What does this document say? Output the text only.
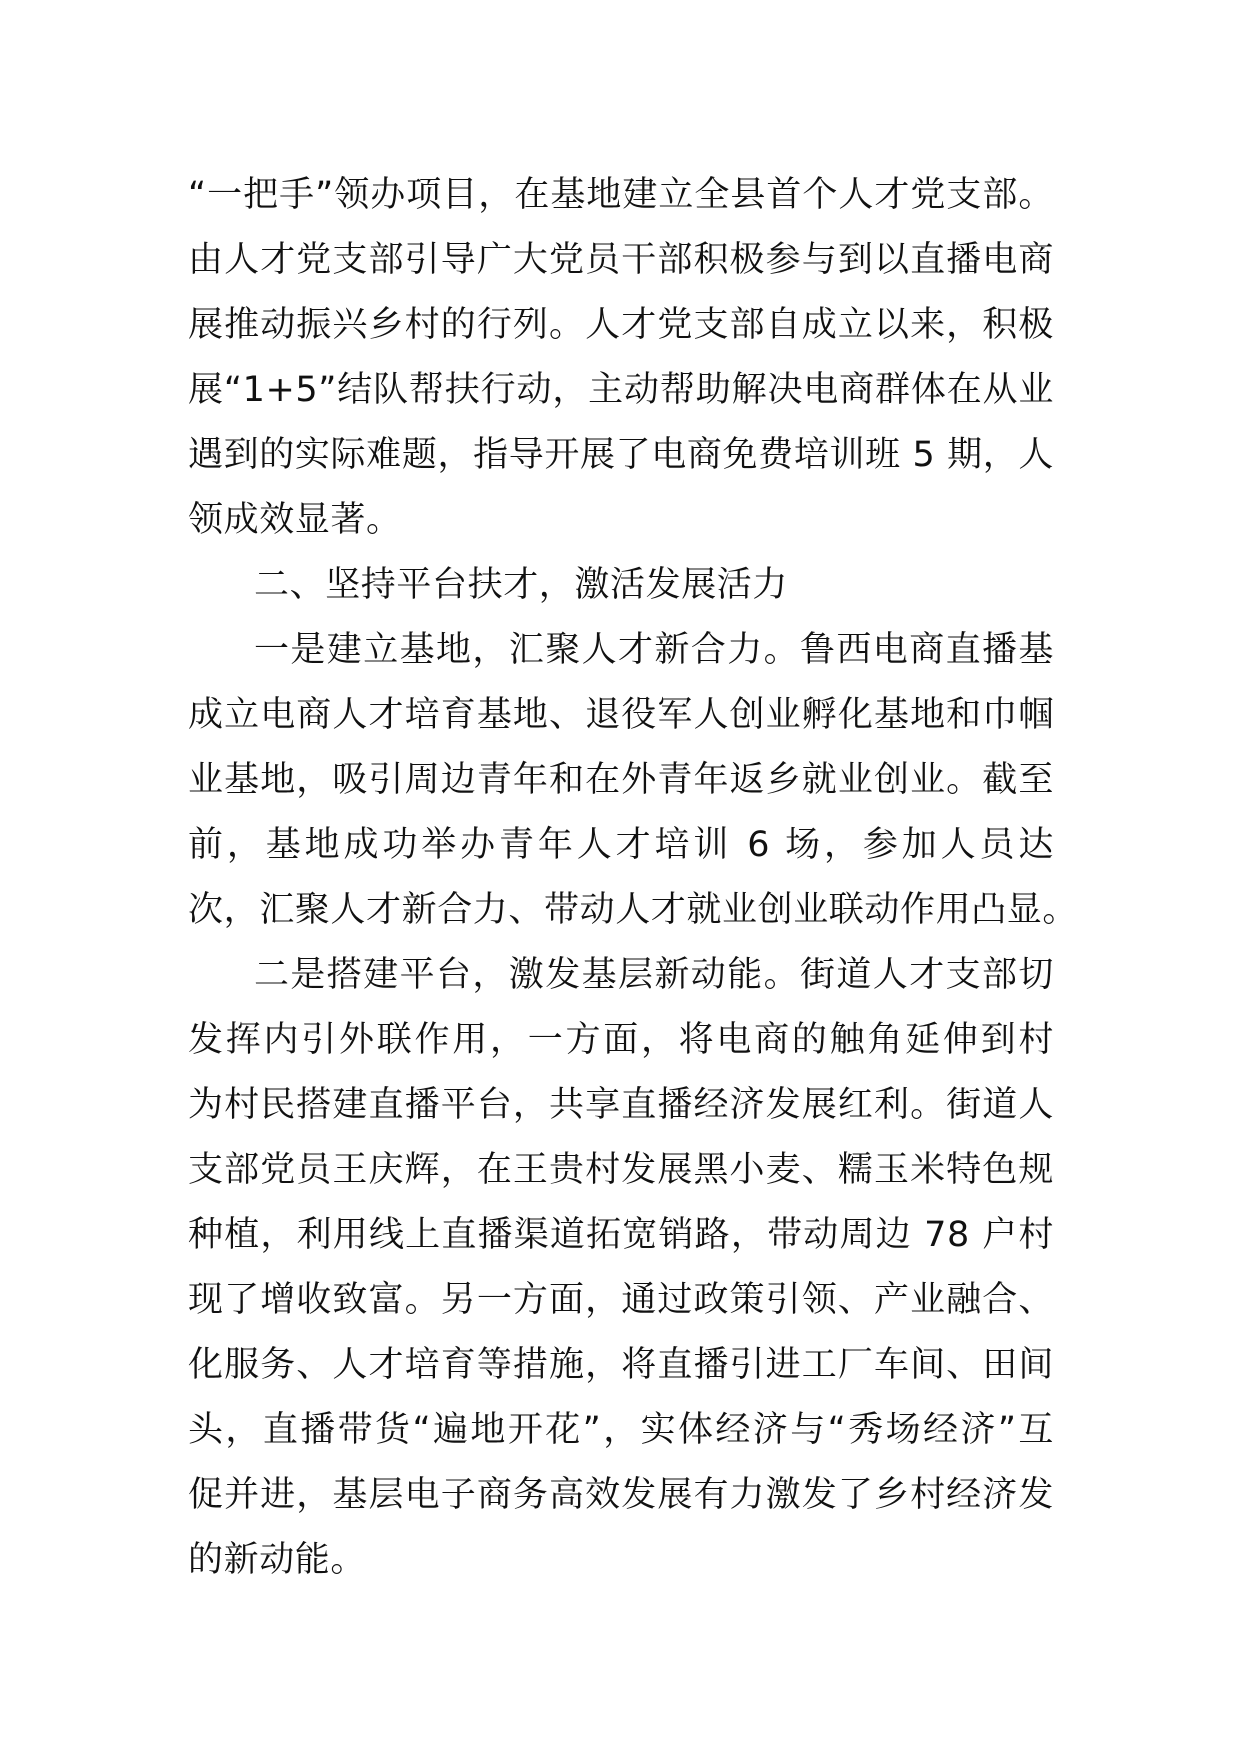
“一把手”领办项目，在基地建立全县首个人才党支部。
由人才党支部引导广大党员干部积极参与到以直播电商
展推动振兴乡村的行列。人才党支部自成立以来，积极
展“1+5”结队帮扶行动，主动帮助解决电商群体在从业
遇到的实际难题，指导开展了电商免费培训班 5 期，人
领成效显著。
二、坚持平台扶才，激活发展活力
一是建立基地，汇聚人才新合力。鲁西电商直播基
成立电商人才培育基地、退役军人创业孵化基地和巾帼
业基地，吸引周边青年和在外青年返乡就业创业。截至
前，基地成功举办青年人才培训 6 场，参加人员达
次，汇聚人才新合力、带动人才就业创业联动作用凸显。
二是搭建平台，激发基层新动能。街道人才支部切
发挥内引外联作用，一方面，将电商的触角延伸到村
为村民搭建直播平台，共享直播经济发展红利。街道人
支部党员王庆辉，在王贵村发展黑小麦、糯玉米特色规
种植，利用线上直播渠道拓宽销路，带动周边 78 户村
现了增收致富。另一方面，通过政策引领、产业融合、
化服务、人才培育等措施，将直播引进工厂车间、田间
头，直播带货“遍地开花”，实体经济与“秀场经济”互
促并进，基层电子商务高效发展有力激发了乡村经济发
的新动能。
